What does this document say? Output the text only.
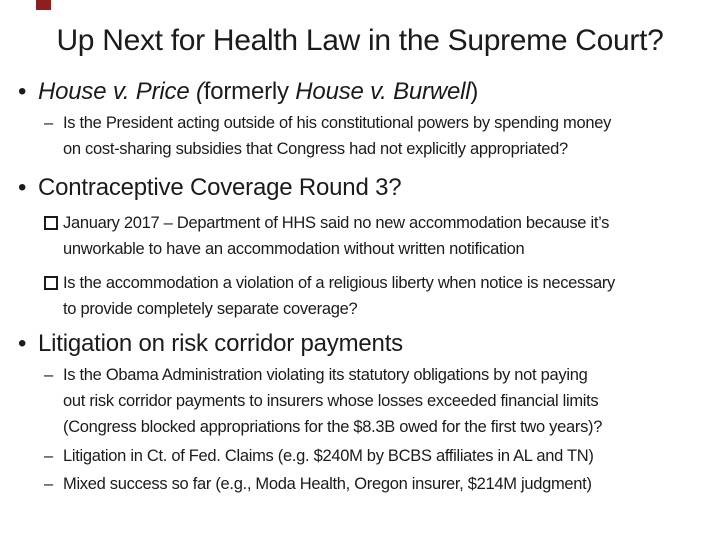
Up Next for Health Law in the Supreme Court?
• House v. Price (formerly House v. Burwell)
– Is the President acting outside of his constitutional powers by spending money
on cost-sharing subsidies that Congress had not explicitly appropriated?
• Contraceptive Coverage Round 3?
January 2017 – Department of HHS said no new accommodation because it’s
unworkable to have an accommodation without written notification
Is the accommodation a violation of a religious liberty when notice is necessary
to provide completely separate coverage?
• Litigation on risk corridor payments
– Is the Obama Administration violating its statutory obligations by not paying
out risk corridor payments to insurers whose losses exceeded financial limits
(Congress blocked appropriations for the $8.3B owed for the first two years)?
– Litigation in Ct. of Fed. Claims (e.g. $240M by BCBS affiliates in AL and TN)
– Mixed success so far (e.g., Moda Health, Oregon insurer, $214M judgment)
